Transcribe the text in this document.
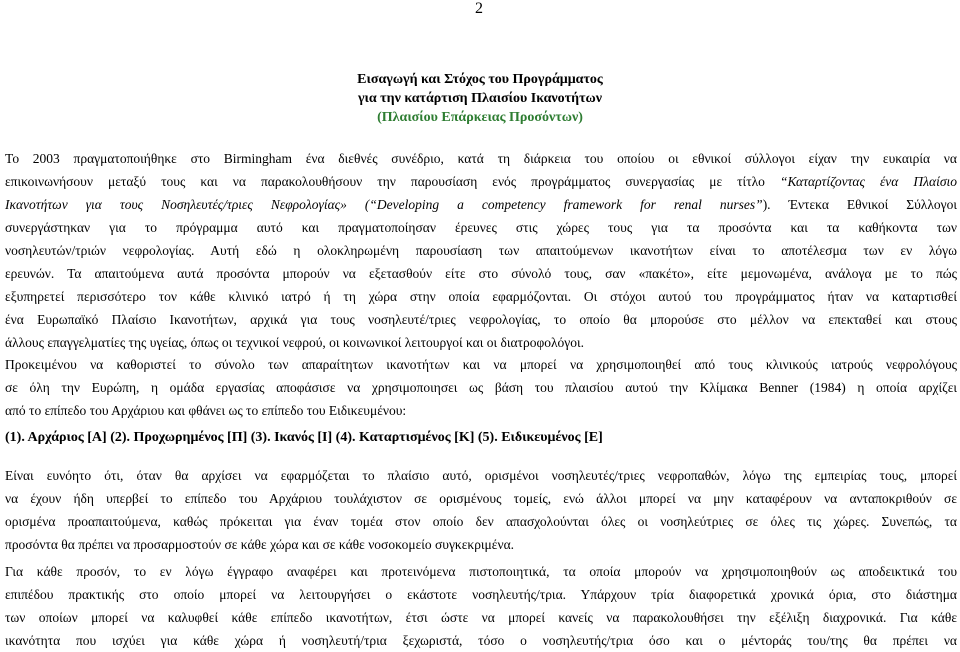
2
Εισαγωγή και Στόχος του Προγράμματος
για την κατάρτιση Πλαισίου Ικανοτήτων
(Πλαισίου Επάρκειας Προσόντων)
Το 2003 πραγματοποιήθηκε στο Birmingham ένα διεθνές συνέδριο, κατά τη διάρκεια του οποίου οι εθνικοί σύλλογοι είχαν την ευκαιρία να
επικοινωνήσουν μεταξύ τους και να παρακολουθήσουν την παρουσίαση ενός προγράμματος συνεργασίας με τίτλο “Καταρτίζοντας ένα Πλαίσιο
Ικανοτήτων για τους Νοσηλευτές/τριες Νεφρολογίας» (“Developing a competency framework for renal nurses”). Έντεκα Εθνικοί Σύλλογοι
συνεργάστηκαν για το πρόγραμμα αυτό και πραγματοποίησαν έρευνες στις χώρες τους για τα προσόντα και τα καθήκοντα των
νοσηλευτών/τριών νεφρολογίας. Αυτή εδώ η ολοκληρωμένη παρουσίαση των απαιτούμενων ικανοτήτων είναι το αποτέλεσμα των εν λόγω
ερευνών. Τα απαιτούμενα αυτά προσόντα μπορούν να εξετασθούν είτε στο σύνολό τους, σαν «πακέτο», είτε μεμονωμένα, ανάλογα με το πώς
εξυπηρετεί περισσότερο τον κάθε κλινικό ιατρό ή τη χώρα στην οποία εφαρμόζονται. Οι στόχοι αυτού του προγράμματος ήταν να καταρτισθεί
ένα Ευρωπαϊκό Πλαίσιο Ικανοτήτων, αρχικά για τους νοσηλευτέ/τριες νεφρολογίας, το οποίο θα μπορούσε στο μέλλον να επεκταθεί και στους
άλλους επαγγελματίες της υγείας, όπως οι τεχνικοί νεφρού, οι κοινωνικοί λειτουργοί και οι διατροφολόγοι.
Προκειμένου να καθοριστεί το σύνολο των απαραίτητων ικανοτήτων και να μπορεί να χρησιμοποιηθεί από τους κλινικούς ιατρούς νεφρολόγους
σε όλη την Ευρώπη, η ομάδα εργασίας αποφάσισε να χρησιμοποιησει ως βάση του πλαισίου αυτού την Κλίμακα Benner (1984) η οποία αρχίζει
από το επίπεδο του Αρχάριου και φθάνει ως το επίπεδο του Ειδικευμένου:
(1). Αρχάριος [Α] (2). Προχωρημένος [Π] (3). Ικανός [Ι] (4). Καταρτισμένος [Κ] (5). Ειδικευμένος [Ε]
Είναι ευνόητο ότι, όταν θα αρχίσει να εφαρμόζεται το πλαίσιο αυτό, ορισμένοι νοσηλευτές/τριες νεφροπαθών, λόγω της εμπειρίας τους, μπορεί
να έχουν ήδη υπερβεί το επίπεδο του Αρχάριου τουλάχιστον σε ορισμένους τομείς, ενώ άλλοι μπορεί να μην καταφέρουν να ανταποκριθούν σε
ορισμένα προαπαιτούμενα, καθώς πρόκειται για έναν τομέα στον οποίο δεν απασχολούνται όλες οι νοσηλεύτριες σε όλες τις χώρες. Συνεπώς, τα
προσόντα θα πρέπει να προσαρμοστούν σε κάθε χώρα και σε κάθε νοσοκομείο συγκεκριμένα.
Για κάθε προσόν, το εν λόγω έγγραφο αναφέρει και προτεινόμενα πιστοποιητικά, τα οποία μπορούν να χρησιμοποιηθούν ως αποδεικτικά του
επιπέδου πρακτικής στο οποίο μπορεί να λειτουργήσει ο εκάστοτε νοσηλευτής/τρια. Υπάρχουν τρία διαφορετικά χρονικά όρια, στο διάστημα
των οποίων μπορεί να καλυφθεί κάθε επίπεδο ικανοτήτων, έτσι ώστε να μπορεί κανείς να παρακολουθήσει την εξέλιξη διαχρονικά. Για κάθε
ικανότητα που ισχύει για κάθε χώρα ή νοσηλευτή/τρια ξεχωριστά, τόσο ο νοσηλευτής/τρια όσο και ο μέντοράς του/της θα πρέπει να
